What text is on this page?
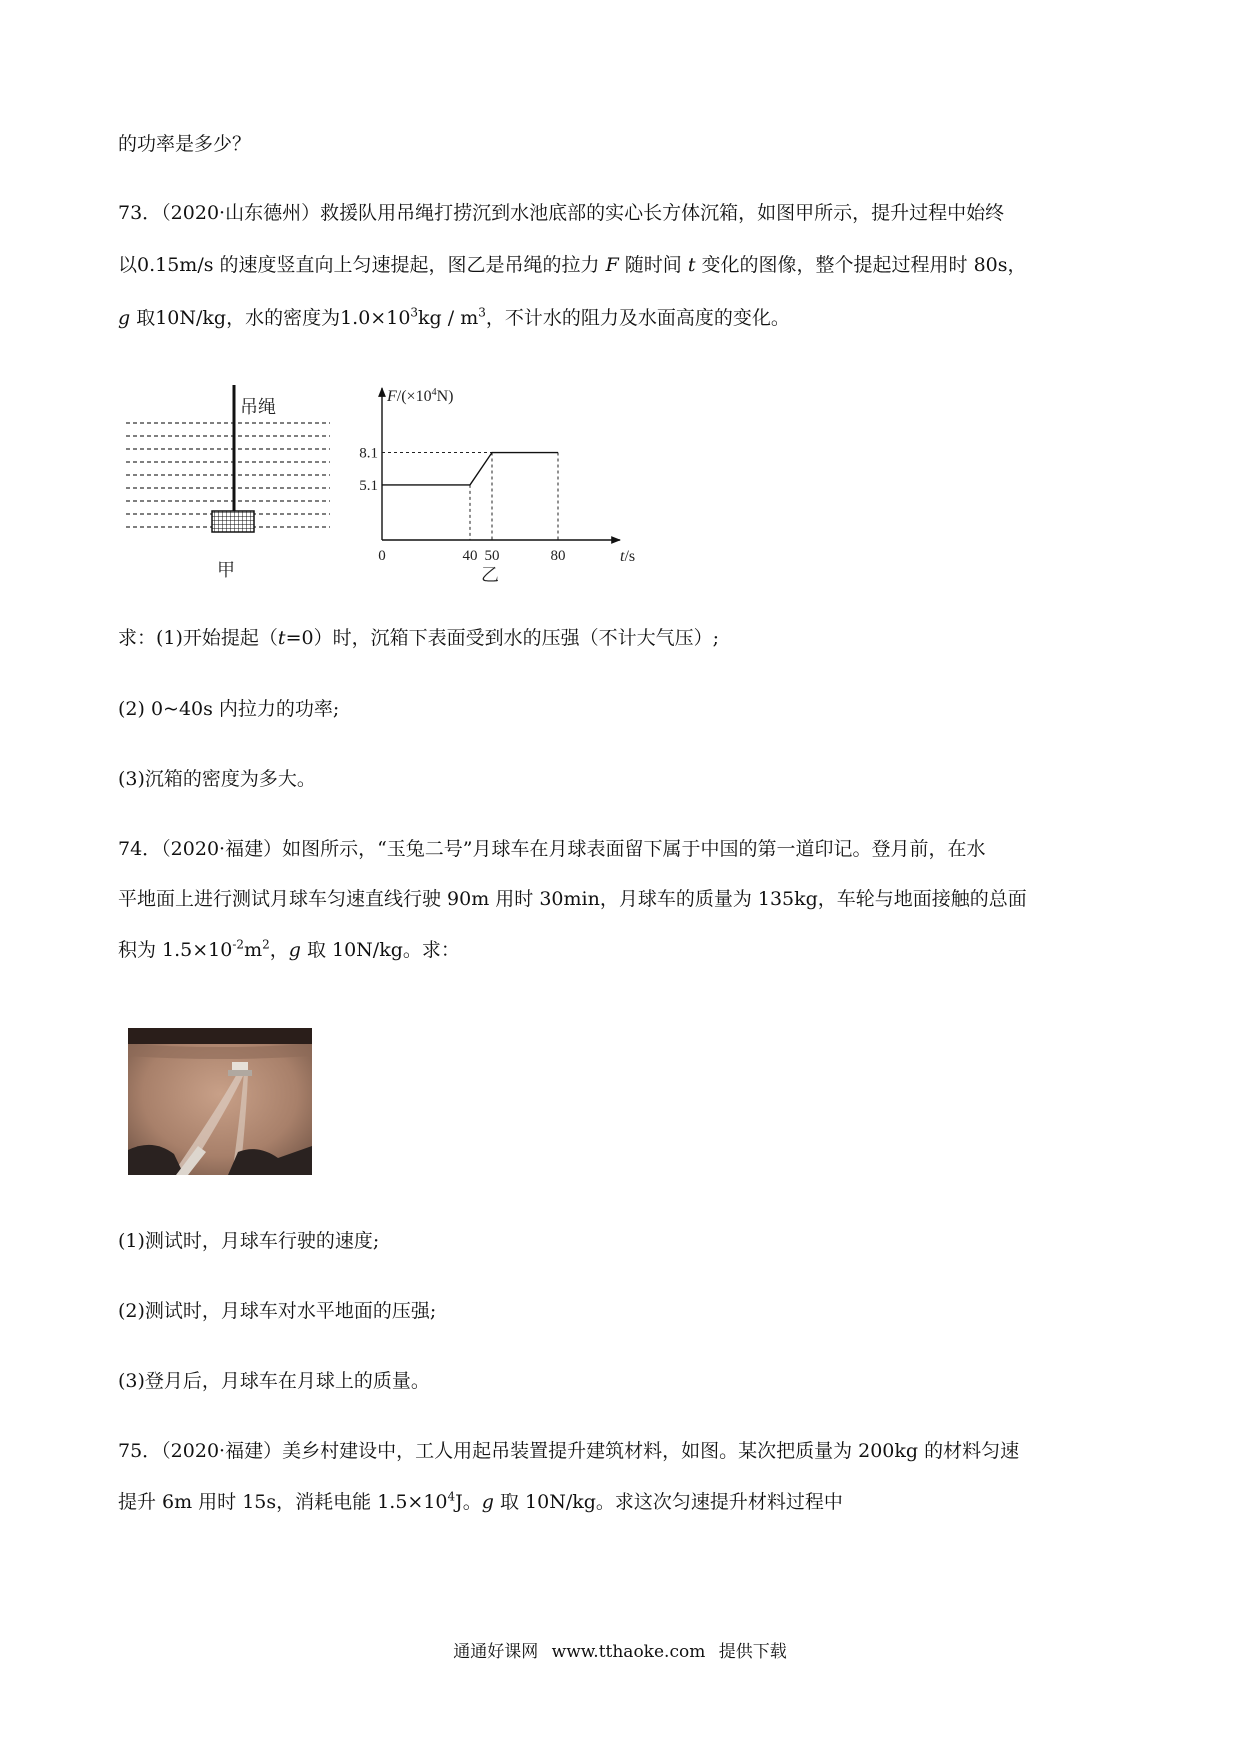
的功率是多少？
73．（2020·山东德州）救援队用吊绳打捞沉到水池底部的实心长方体沉箱，如图甲所示，提升过程中始终
以0.15m/s 的速度竖直向上匀速提起，图乙是吊绳的拉力 F 随时间 t 变化的图像，整个提起过程用时 80s，
g 取10N/kg，水的密度为$1.0\times 10^3kg / m^3$，不计水的阻力及水面高度的变化。
吊绳
甲
$F/(\times 10^4N)$
t/s
乙
5.1
8.1
0	40 50	80
求：(1)开始提起（t=0）时，沉箱下表面受到水的压强（不计大气压）;
(2) 0~40s 内拉力的功率;
(3)沉箱的密度为多大。
74．（2020·福建）如图所示，“玉兔二号”月球车在月球表面留下属于中国的第一道印记。登月前，在水
平地面上进行测试月球车匀速直线行驶 90m 用时 30min，月球车的质量为 135kg，车轮与地面接触的总面
积为 $1.5\times 10^{-2}m^2$，g 取 10N/kg。求：
(1)测试时，月球车行驶的速度;
(2)测试时，月球车对水平地面的压强;
(3)登月后，月球车在月球上的质量。
75．（2020·福建）美乡村建设中，工人用起吊装置提升建筑材料，如图。某次把质量为 200kg 的材料匀速
提升 6m 用时 15s，消耗电能 $1.5\times 10^4J$。g 取 10N/kg。求这次匀速提升材料过程中
通通好课网 www.tthaoke.com 提供下载
